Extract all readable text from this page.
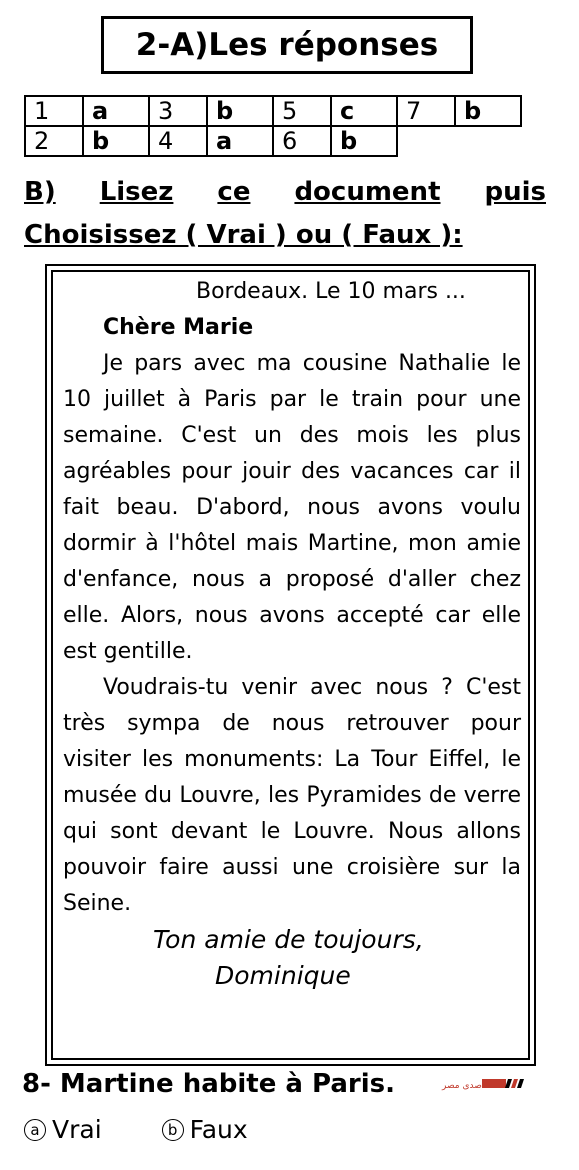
2-A)Les réponses
1	a	3	b	5	c	7	b
2	b	4	a	6	b		
B) Lisez ce document puis
Choisissez ( Vrai ) ou ( Faux ):
Bordeaux. Le 10 mars ...
Chère Marie

Je pars avec ma cousine Nathalie le 10 juillet à Paris par le train pour une semaine. C'est un des mois les plus agréables pour jouir des vacances car il fait beau. D'abord, nous avons voulu dormir à l'hôtel mais Martine, mon amie d'enfance, nous a proposé d'aller chez elle. Alors, nous avons accepté car elle est gentille.

Voudrais-tu venir avec nous ? C'est très sympa de nous retrouver pour visiter les monuments: La Tour Eiffel, le musée du Louvre, les Pyramides de verre qui sont devant le Louvre. Nous allons pouvoir faire aussi une croisière sur la Seine.

Ton amie de toujours,
Dominique
8- Martine habite à Paris.	صدى مصر
a Vrai	b Faux
